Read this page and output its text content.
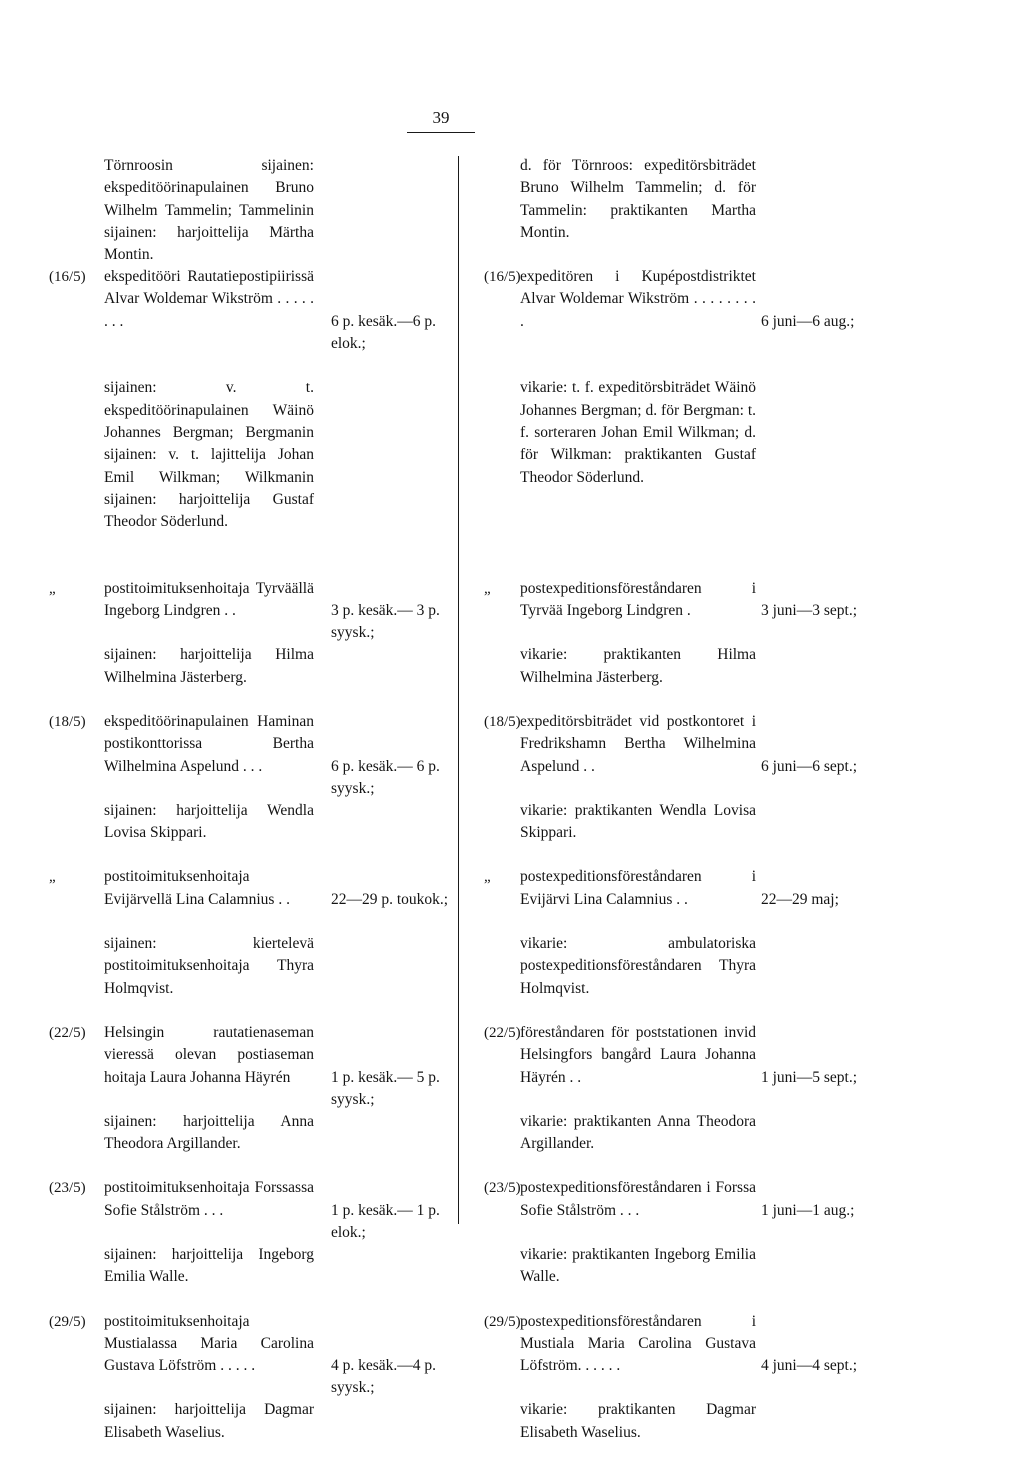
39
Törnroosin sijainen: ekspeditöörinapulainen Bruno Wilhelm Tammelin; Tammelinin sijainen: harjoittelija Märtha Montin.
d. för Törnroos: expeditörsbiträdet Bruno Wilhelm Tammelin; d. för Tammelin: praktikanten Martha Montin.
(16/5) ekspeditööri Rautatiepostipiirissä Alvar Woldemar Wikström . . . . . . . .	6 p. kesäk.—6 p. elok.;
(16/5) expeditören i Kupépostdistriktet Alvar Woldemar Wikström . . . . . . . . .	6 juni—6 aug.;
sijainen: v. t. ekspeditöörinapulainen Wäinö Johannes Bergman; Bergmanin sijainen: v. t. lajittelija Johan Emil Wilkman; Wilkmanin sijainen: harjoittelija Gustaf Theodor Söderlund.
vikarie: t. f. expeditörsbiträdet Wäinö Johannes Bergman; d. för Bergman: t. f. sorteraren Johan Emil Wilkman; d. för Wilkman: praktikanten Gustaf Theodor Söderlund.
„	postitoimituksenhoitaja Tyrväällä Ingeborg Lindgren . .	3 p. kesäk.— 3 p. syysk.;
„ postexpeditionsföreståndaren i Tyrvää Ingeborg Lindgren .	3 juni—3 sept.;
sijainen: harjoittelija Hilma Wilhelmina Jästerberg.
vikarie: praktikanten Hilma Wilhelmina Jästerberg.
(18/5) ekspeditöörinapulainen Haminan postikonttorissa Bertha Wilhelmina Aspelund . . .	6 p. kesäk.— 6 p. syysk.;
(18/5) expeditörsbiträdet vid postkontoret i Fredrikshamn Bertha Wilhelmina Aspelund . .	6 juni—6 sept.;
sijainen: harjoittelija Wendla Lovisa Skippari.
vikarie: praktikanten Wendla Lovisa Skippari.
„	postitoimituksenhoitaja Evijärvellä Lina Calamnius . .	22—29 p. toukok.;
„ postexpeditionsföreståndaren i Evijärvi Lina Calamnius . .	22—29 maj;
sijainen: kiertelevä postitoimituksenhoitaja Thyra Holmqvist.
vikarie: ambulatoriska postexpeditionsföreståndaren Thyra Holmqvist.
(22/5) Helsingin rautatienaseman vieressä olevan postiaseman hoitaja Laura Johanna Häyrén	1 p. kesäk.— 5 p. syysk.;
(22/5) föreståndaren för poststationen invid Helsingfors bangård Laura Johanna Häyrén . .	1 juni—5 sept.;
sijainen: harjoittelija Anna Theodora Argillander.
vikarie: praktikanten Anna Theodora Argillander.
(23/5) postitoimituksenhoitaja Forssassa Sofie Stålström . . .	1 p. kesäk.— 1 p. elok.;
(23/5) postexpeditionsföreståndaren i Forssa Sofie Stålström . . .	1 juni—1 aug.;
sijainen: harjoittelija Ingeborg Emilia Walle.
vikarie: praktikanten Ingeborg Emilia Walle.
(29/5) postitoimituksenhoitaja Mustialassa Maria Carolina Gustava Löfström . . . . .	4 p. kesäk.—4 p. syysk.;
(29/5) postexpeditionsföreståndaren i Mustiala Maria Carolina Gustava Löfström. . . . . .	4 juni—4 sept.;
sijainen: harjoittelija Dagmar Elisabeth Waselius.
vikarie: praktikanten Dagmar Elisabeth Waselius.
